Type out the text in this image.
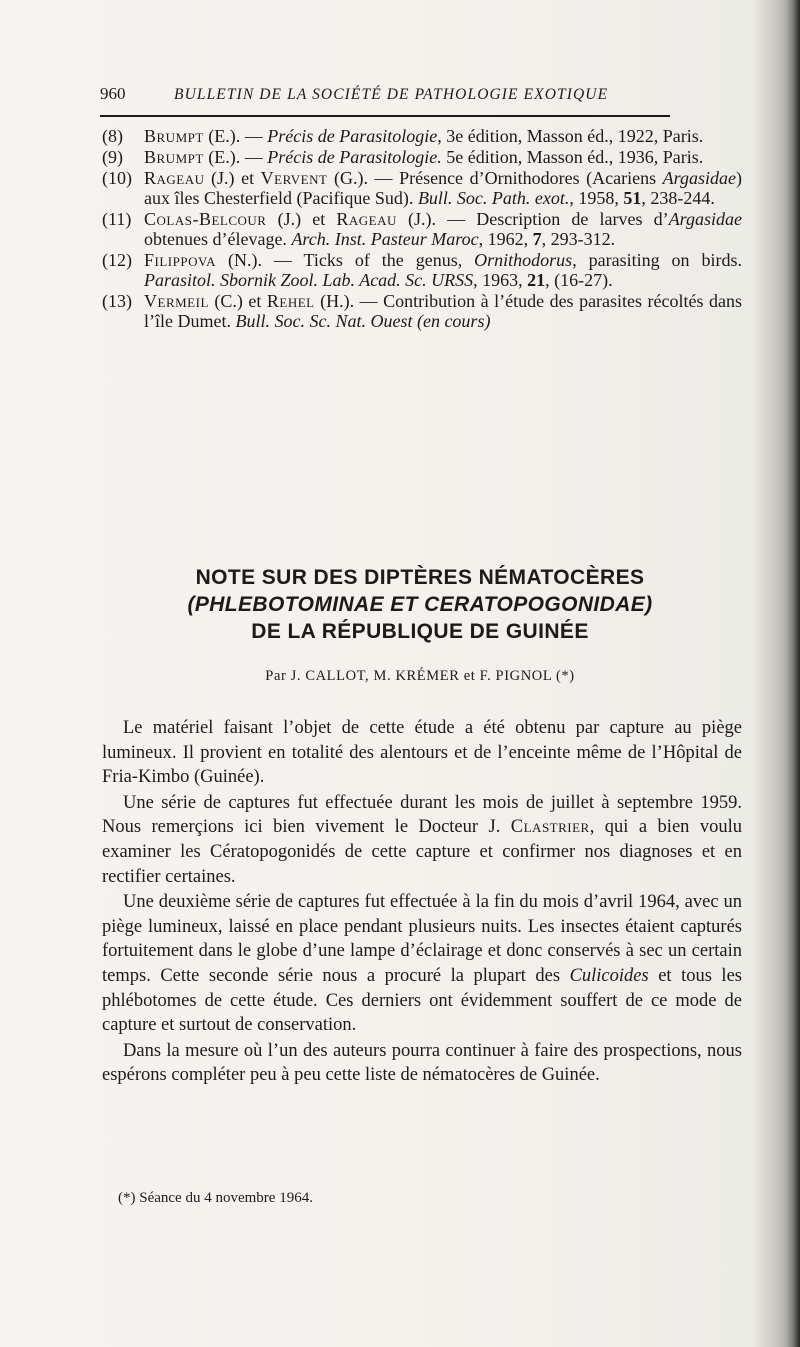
960	BULLETIN DE LA SOCIÉTÉ DE PATHOLOGIE EXOTIQUE
(8)	Brumpt (E.). — Précis de Parasitologie, 3e édition, Masson éd., 1922, Paris.
(9)	Brumpt (E.). — Précis de Parasitologie. 5e édition, Masson éd., 1936, Paris.
(10) Rageau (J.) et Vervent (G.). — Présence d’Ornithodores (Acariens Argasidae) aux îles Chesterfield (Pacifique Sud). Bull. Soc. Path. exot., 1958, 51, 238-244.
(11) Colas-Belcour (J.) et Rageau (J.). — Description de larves d’Argasidae obtenues d’élevage. Arch. Inst. Pasteur Maroc, 1962, 7, 293-312.
(12) Filippova (N.). — Ticks of the genus, Ornithodorus, parasiting on birds. Parasitol. Sbornik Zool. Lab. Acad. Sc. URSS, 1963, 21, (16-27).
(13) Vermeil (C.) et Rehel (H.). — Contribution à l’étude des parasites récoltés dans l’île Dumet. Bull. Soc. Sc. Nat. Ouest (en cours)
NOTE SUR DES DIPTÈRES NÉMATOCÈRES
(PHLEBOTOMINAE ET CERATOPOGONIDAE)
DE LA RÉPUBLIQUE DE GUINÉE
Par J. CALLOT, M. KRÉMER et F. PIGNOL (*)

Le matériel faisant l’objet de cette étude a été obtenu par capture au piège lumineux. Il provient en totalité des alentours et de l’enceinte même de l’Hôpital de Fria-Kimbo (Guinée).

Une série de captures fut effectuée durant les mois de juillet à septembre 1959. Nous remerçions ici bien vivement le Docteur J. Clastrier, qui a bien voulu examiner les Cératopogonidés de cette capture et confirmer nos diagnoses et en rectifier certaines.

Une deuxième série de captures fut effectuée à la fin du mois d’avril 1964, avec un piège lumineux, laissé en place pendant plusieurs nuits. Les insectes étaient capturés fortuitement dans le globe d’une lampe d’éclairage et donc conservés à sec un certain temps. Cette seconde série nous a procuré la plupart des Culicoides et tous les phlébotomes de cette étude. Ces derniers ont évidemment souffert de ce mode de capture et surtout de conservation.

Dans la mesure où l’un des auteurs pourra continuer à faire des prospections, nous espérons compléter peu à peu cette liste de nématocères de Guinée.

(*) Séance du 4 novembre 1964.
